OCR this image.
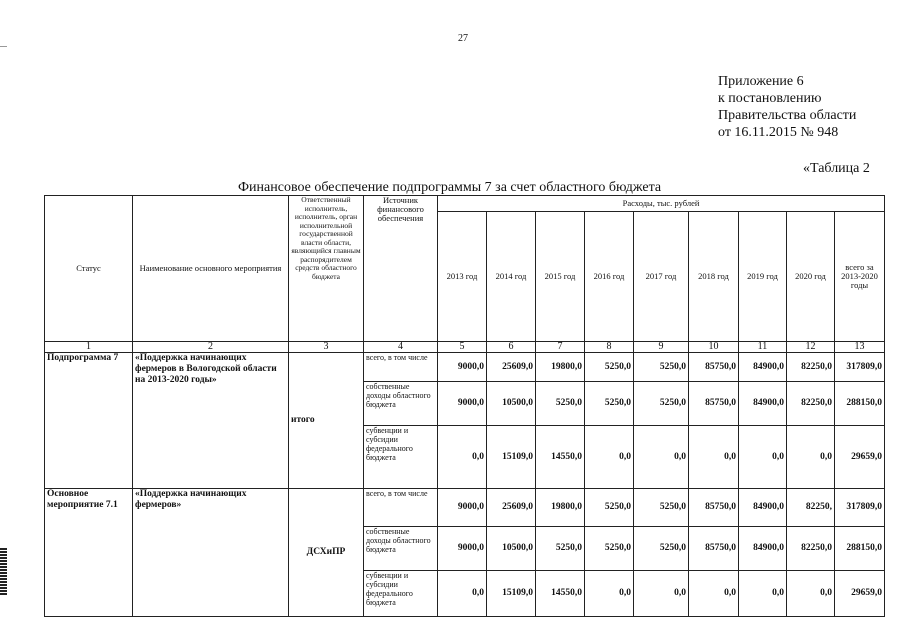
27
Приложение 6
к постановлению
Правительства области
от 16.11.2015 № 948
«Таблица 2
Финансовое обеспечение подпрограммы 7 за счет областного бюджета
Статус	Наименование основного мероприятия	Ответственный исполнитель, исполнитель, орган исполнительной государственной власти области, являющийся главным распорядителем средств областного бюджета	Источник финансового обеспечения	Расходы, тыс. рублей								
				2013 год	2014 год	2015 год	2016 год	2017 год	2018 год	2019 год	2020 год	всего за 2013-2020 годы
1	2	3	4	5	6	7	8	9	10	11	12	13
Подпрограмма 7	«Поддержка начинающих фермеров в Вологодской области на 2013-2020 годы»	итого	всего, в том числе	9000,0	25609,0	19800,0	5250,0	5250,0	85750,0	84900,0	82250,0	317809,0
			собственные доходы областного бюджета	9000,0	10500,0	5250,0	5250,0	5250,0	85750,0	84900,0	82250,0	288150,0
			субвенции и субсидии федерального бюджета	0,0	15109,0	14550,0	0,0	0,0	0,0	0,0	0,0	29659,0
Основное мероприятие 7.1	«Поддержка начинающих фермеров»	ДСХиПР	всего, в том числе	9000,0	25609,0	19800,0	5250,0	5250,0	85750,0	84900,0	82250,	317809,0
			собственные доходы областного бюджета	9000,0	10500,0	5250,0	5250,0	5250,0	85750,0	84900,0	82250,0	288150,0
			субвенции и субсидии федерального бюджета	0,0	15109,0	14550,0	0,0	0,0	0,0	0,0	0,0	29659,0
